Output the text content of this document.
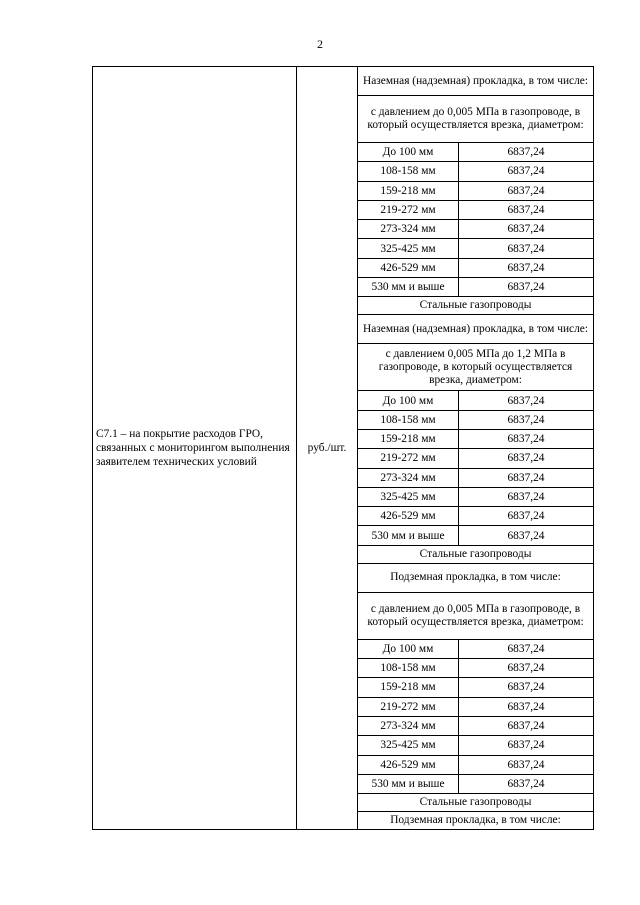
2
С7.1 – на покрытие расходов ГРО, связанных с мониторингом выполнения заявителем технических условий	руб./шт.	Наземная (надземная) прокладка, в том числе:	
		с давлением до 0,005 МПа в газопроводе, в который осуществляется врезка, диаметром:	
		До 100 мм	6837,24
		108-158 мм	6837,24
		159-218 мм	6837,24
		219-272 мм	6837,24
		273-324 мм	6837,24
		325-425 мм	6837,24
		426-529 мм	6837,24
		530 мм и выше	6837,24
		Стальные газопроводы	
		Наземная (надземная) прокладка, в том числе:	
		с давлением 0,005 МПа до 1,2 МПа в газопроводе, в который осуществляется врезка, диаметром:	
		До 100 мм	6837,24
		108-158 мм	6837,24
		159-218 мм	6837,24
		219-272 мм	6837,24
		273-324 мм	6837,24
		325-425 мм	6837,24
		426-529 мм	6837,24
		530 мм и выше	6837,24
		Стальные газопроводы	
		Подземная прокладка, в том числе:	
		с давлением до 0,005 МПа в газопроводе, в который осуществляется врезка, диаметром:	
		До 100 мм	6837,24
		108-158 мм	6837,24
		159-218 мм	6837,24
		219-272 мм	6837,24
		273-324 мм	6837,24
		325-425 мм	6837,24
		426-529 мм	6837,24
		530 мм и выше	6837,24
		Стальные газопроводы	
		Подземная прокладка, в том числе:	
